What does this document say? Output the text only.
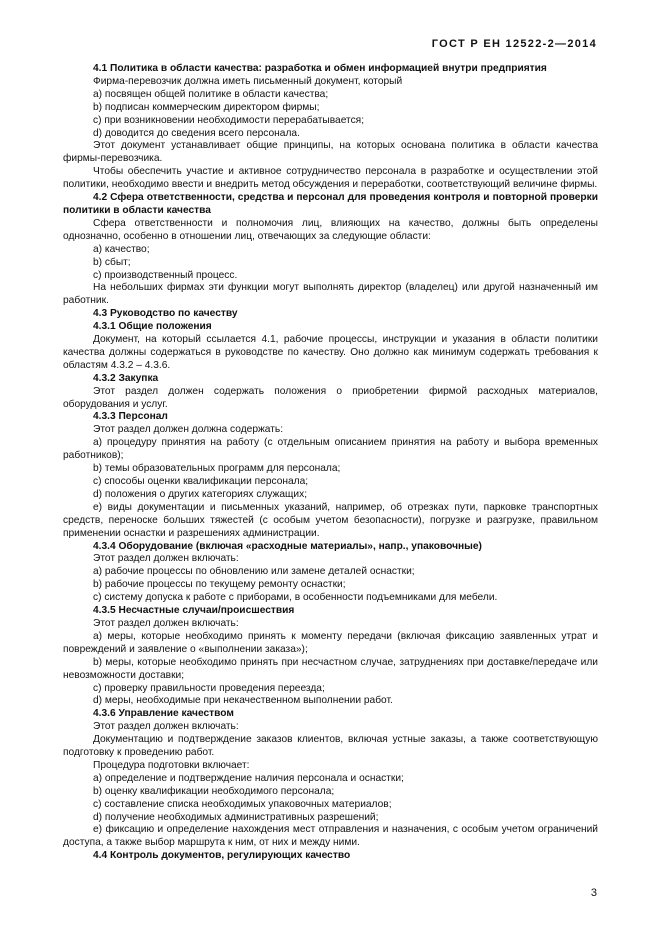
ГОСТ Р ЕН 12522-2—2014

4.1 Политика в области качества: разработка и обмен информацией внутри предприятия

Фирма-перевозчик должна иметь письменный документ, который

a) посвящен общей политике в области качества;

b) подписан коммерческим директором фирмы;

c) при возникновении необходимости перерабатывается;

d) доводится до сведения всего персонала.

Этот документ устанавливает общие принципы, на которых основана политика в области качества фирмы-перевозчика.

Чтобы обеспечить участие и активное сотрудничество персонала в разработке и осуществлении этой политики, необходимо ввести и внедрить метод обсуждения и переработки, соответствующий величине фирмы.

4.2 Сфера ответственности, средства и персонал для проведения контроля и повторной проверки политики в области качества

Сфера ответственности и полномочия лиц, влияющих на качество, должны быть определены однозначно, особенно в отношении лиц, отвечающих за следующие области:

a) качество;

b) сбыт;

c) производственный процесс.

На небольших фирмах эти функции могут выполнять директор (владелец) или другой назначенный им работник.

4.3 Руководство по качеству

4.3.1 Общие положения

Документ, на который ссылается 4.1, рабочие процессы, инструкции и указания в области политики качества должны содержаться в руководстве по качеству. Оно должно как минимум содержать требования к областям 4.3.2 – 4.3.6.

4.3.2 Закупка

Этот раздел должен содержать положения о приобретении фирмой расходных материалов, оборудования и услуг.

4.3.3 Персонал

Этот раздел должен должна содержать:

a) процедуру принятия на работу (с отдельным описанием принятия на работу и выбора временных работников);

b) темы образовательных программ для персонала;

c) способы оценки квалификации персонала;

d) положения о других категориях служащих;

e) виды документации и письменных указаний, например, об отрезках пути, парковке транспортных средств, переноске больших тяжестей (с особым учетом безопасности), погрузке и разгрузке, правильном применении оснастки и разрешениях администрации.

4.3.4 Оборудование (включая «расходные материалы», напр., упаковочные)

Этот раздел должен включать:

a) рабочие процессы по обновлению или замене деталей оснастки;

b) рабочие процессы по текущему ремонту оснастки;

c) систему допуска к работе с приборами, в особенности подъемниками для мебели.

4.3.5 Несчастные случаи/происшествия

Этот раздел должен включать:

a) меры, которые необходимо принять к моменту передачи (включая фиксацию заявленных утрат и повреждений и заявление о «выполнении заказа»);

b) меры, которые необходимо принять при несчастном случае, затруднениях при доставке/передаче или невозможности доставки;

c) проверку правильности проведения переезда;

d) меры, необходимые при некачественном выполнении работ.

4.3.6 Управление качеством

Этот раздел должен включать:

Документацию и подтверждение заказов клиентов, включая устные заказы, а также соответствующую подготовку к проведению работ.

Процедура подготовки включает:

a) определение и подтверждение наличия персонала и оснастки;

b) оценку квалификации необходимого персонала;

c) составление списка необходимых упаковочных материалов;

d) получение необходимых административных разрешений;

e) фиксацию и определение нахождения мест отправления и назначения, с особым учетом ограничений доступа, а также выбор маршрута к ним, от них и между ними.

4.4 Контроль документов, регулирующих качество

3
